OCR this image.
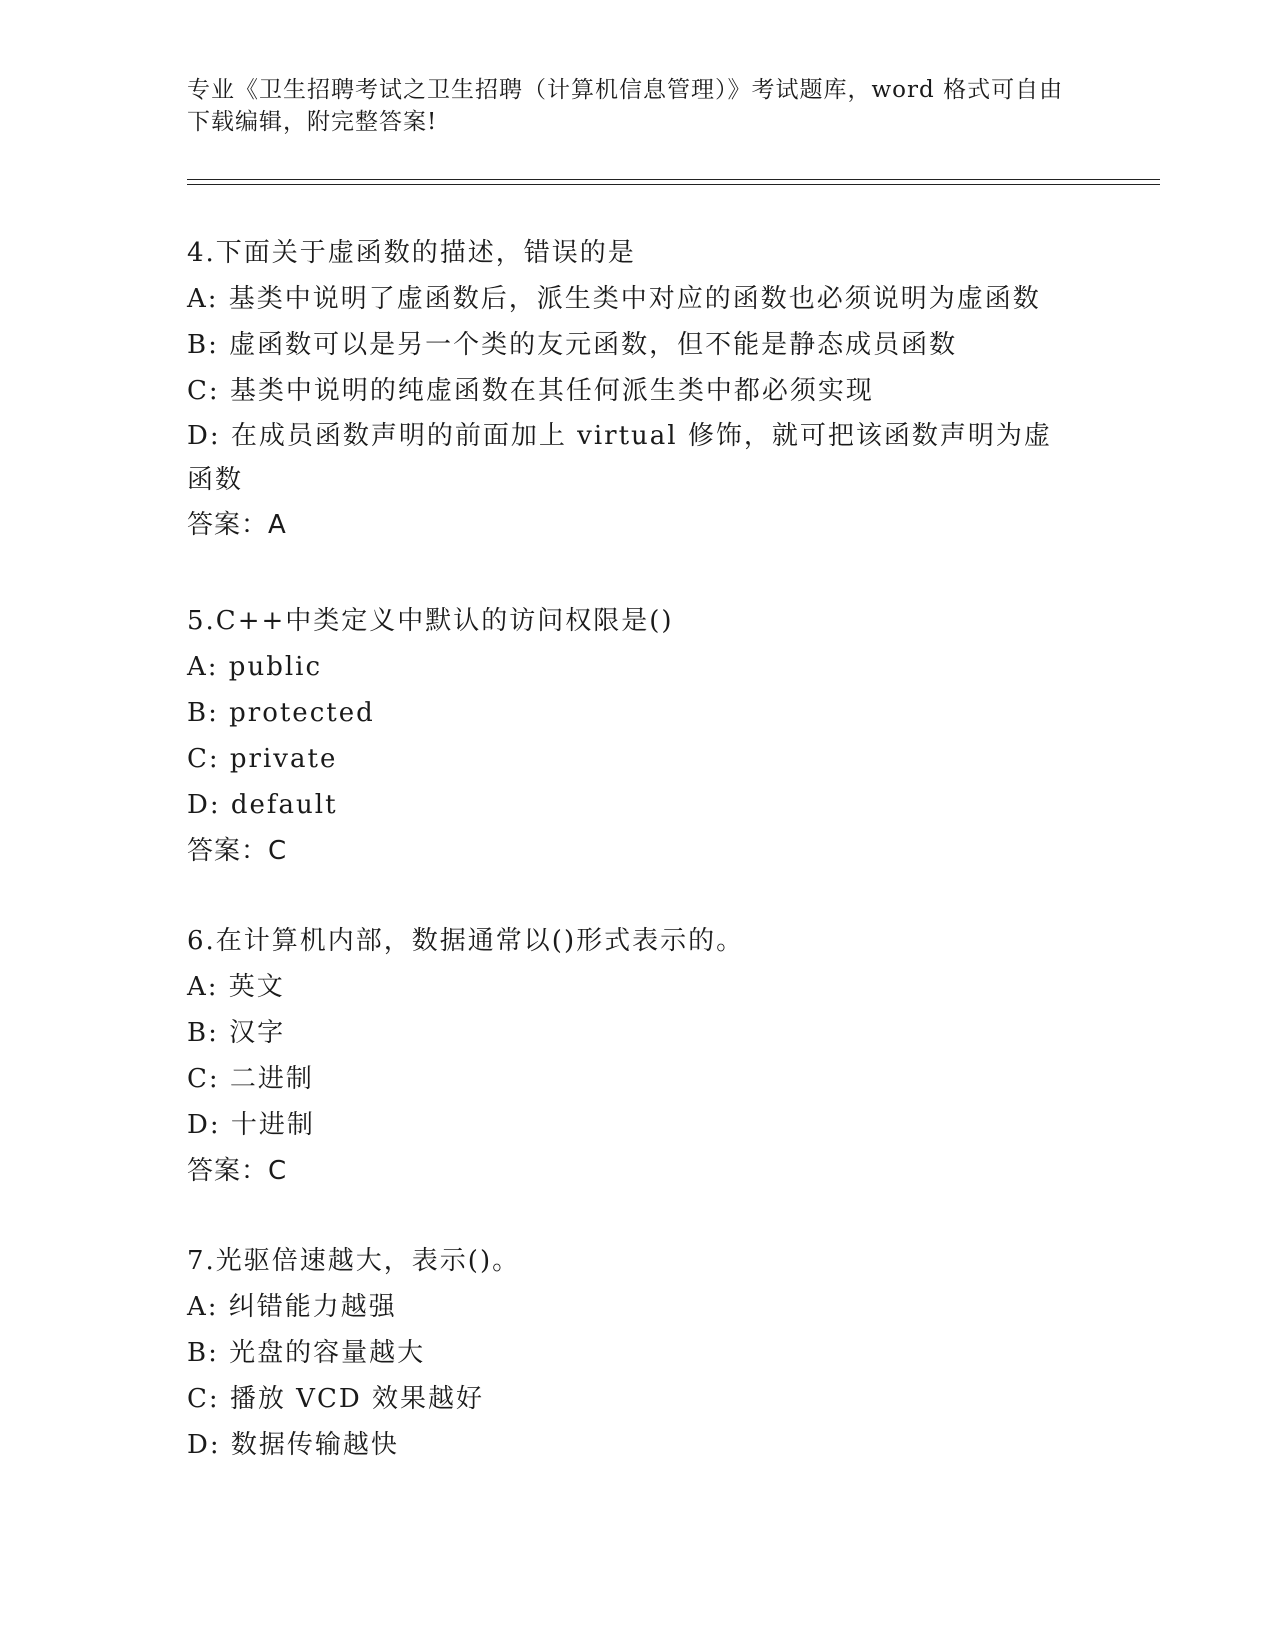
专业《卫生招聘考试之卫生招聘（计算机信息管理）》考试题库，word 格式可自由下载编辑，附完整答案!
4.下面关于虚函数的描述，错误的是
A: 基类中说明了虚函数后，派生类中对应的函数也必须说明为虚函数
B: 虚函数可以是另一个类的友元函数，但不能是静态成员函数
C: 基类中说明的纯虚函数在其任何派生类中都必须实现
D: 在成员函数声明的前面加上 virtual 修饰，就可把该函数声明为虚函数
答案：A
5.C++中类定义中默认的访问权限是()
A: public
B: protected
C: private
D: default
答案：C
6.在计算机内部，数据通常以()形式表示的。
A: 英文
B: 汉字
C: 二进制
D: 十进制
答案：C
7.光驱倍速越大，表示()。
A: 纠错能力越强
B: 光盘的容量越大
C: 播放 VCD 效果越好
D: 数据传输越快
